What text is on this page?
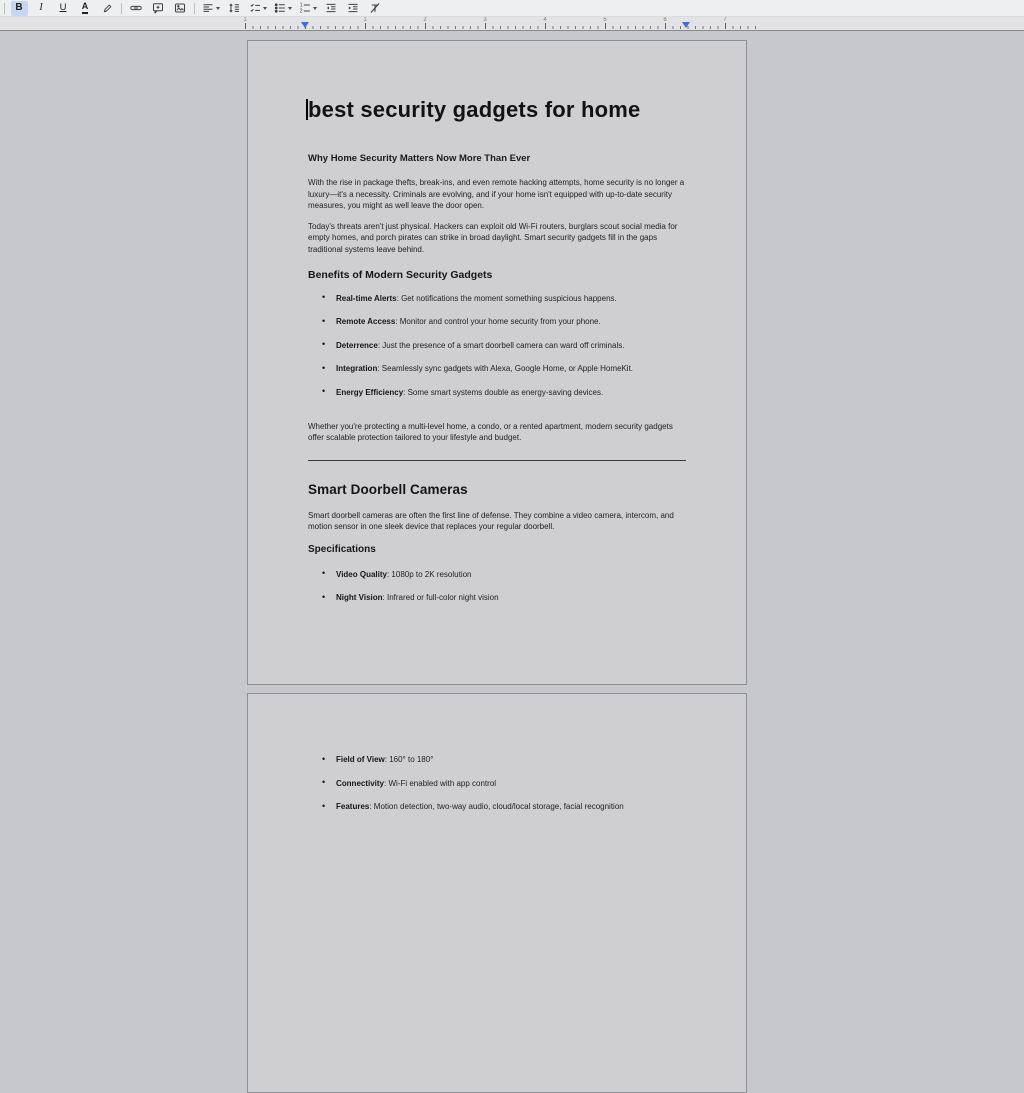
B I U A	1
2
1	1	2	3	4	5	6	7
best security gadgets for home
Why Home Security Matters Now More Than Ever

With the rise in package thefts, break-ins, and even remote hacking attempts, home security is no longer a luxury—it's a necessity. Criminals are evolving, and if your home isn't equipped with up-to-date security measures, you might as well leave the door open.

Today's threats aren't just physical. Hackers can exploit old Wi-Fi routers, burglars scout social media for empty homes, and porch pirates can strike in broad daylight. Smart security gadgets fill in the gaps traditional systems leave behind.

Benefits of Modern Security Gadgets
• Real-time Alerts: Get notifications the moment something suspicious happens.
• Remote Access: Monitor and control your home security from your phone.
• Deterrence: Just the presence of a smart doorbell camera can ward off criminals.
• Integration: Seamlessly sync gadgets with Alexa, Google Home, or Apple HomeKit.
• Energy Efficiency: Some smart systems double as energy-saving devices.

Whether you're protecting a multi-level home, a condo, or a rented apartment, modern security gadgets offer scalable protection tailored to your lifestyle and budget.

Smart Doorbell Cameras

Smart doorbell cameras are often the first line of defense. They combine a video camera, intercom, and motion sensor in one sleek device that replaces your regular doorbell.

Specifications
• Video Quality: 1080p to 2K resolution
• Night Vision: Infrared or full-color night vision
• Field of View: 160° to 180°
• Connectivity: Wi-Fi enabled with app control
• Features: Motion detection, two-way audio, cloud/local storage, facial recognition
